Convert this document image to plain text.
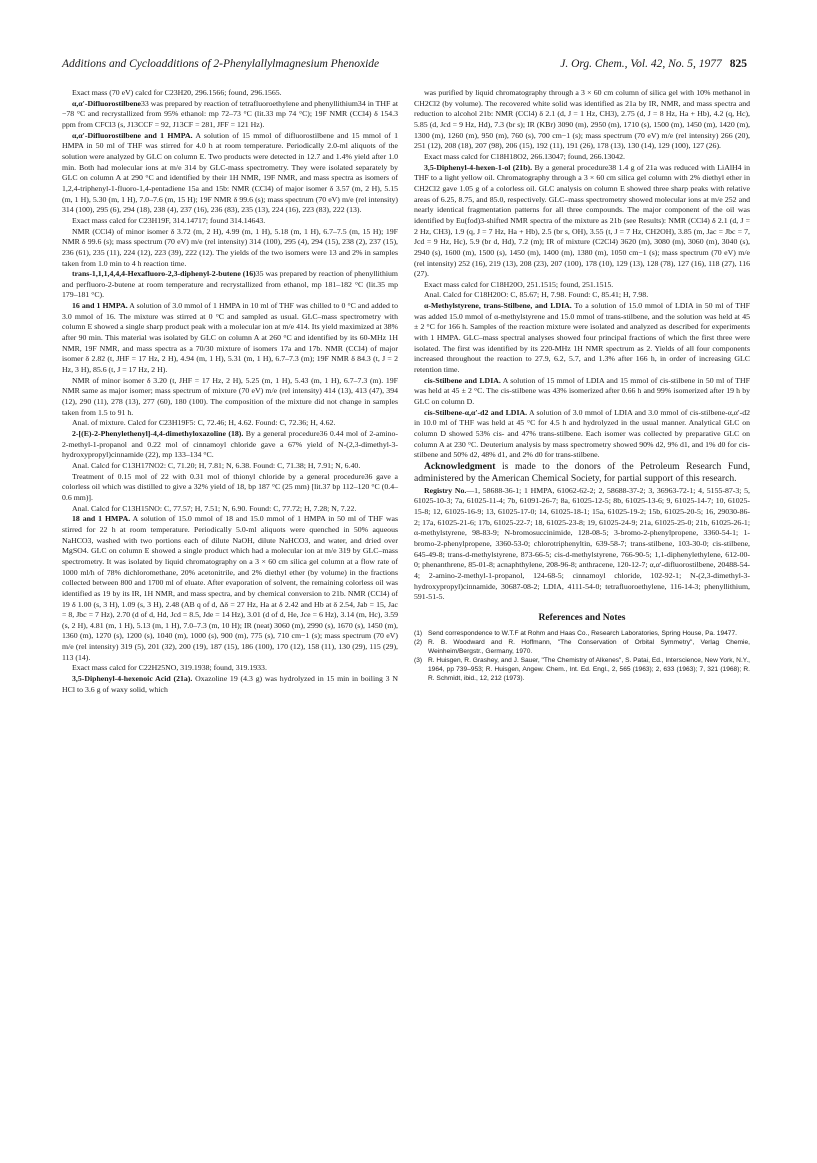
Additions and Cycloadditions of 2-Phenylallylmagnesium Phenoxide	J. Org. Chem., Vol. 42, No. 5, 1977 825

Exact mass (70 eV) calcd for C23H20, 296.1566; found, 296.1565.

α,α′-Difluorostilbene33 was prepared by reaction of tetrafluoroethylene and phenyllithium34 in THF at −78 °C and recrystallized from 95% ethanol: mp 72–73 °C (lit.33 mp 74 °C); 19F NMR (CCl4) δ 154.3 ppm from CFCl3 (s, J13CCF = 92, J13CF = 281, JFF = 121 Hz).

α,α′-Difluorostilbene and 1 HMPA. A solution of 15 mmol of difluorostilbene and 15 mmol of 1 HMPA in 50 ml of THF was stirred for 4.0 h at room temperature. Periodically 2.0-ml aliquots of the solution were analyzed by GLC on column E. Two products were detected in 12.7 and 1.4% yield after 1.0 min. Both had molecular ions at m/e 314 by GLC-mass spectrometry. They were isolated separately by GLC on column A at 290 °C and identified by their 1H NMR, 19F NMR, and mass spectra as isomers of 1,2,4-triphenyl-1-fluoro-1,4-pentadiene 15a and 15b: NMR (CCl4) of major isomer δ 3.57 (m, 2 H), 5.15 (m, 1 H), 5.30 (m, 1 H), 7.0–7.6 (m, 15 H); 19F NMR δ 99.6 (s); mass spectrum (70 eV) m/e (rel intensity) 314 (100), 295 (6), 294 (18), 238 (4), 237 (16), 236 (83), 235 (13), 224 (16), 223 (83), 222 (13).

Exact mass calcd for C23H19F, 314.14717; found 314.14643.

NMR (CCl4) of minor isomer δ 3.72 (m, 2 H), 4.99 (m, 1 H), 5.18 (m, 1 H), 6.7–7.5 (m, 15 H); 19F NMR δ 99.6 (s); mass spectrum (70 eV) m/e (rel intensity) 314 (100), 295 (4), 294 (15), 238 (2), 237 (15), 236 (61), 235 (11), 224 (12), 223 (39), 222 (12). The yields of the two isomers were 13 and 2% in samples taken from 1.0 min to 4 h reaction time.

trans-1,1,1,4,4,4-Hexafluoro-2,3-diphenyl-2-butene (16)35 was prepared by reaction of phenyllithium and perfluoro-2-butene at room temperature and recrystallized from ethanol, mp 181–182 °C (lit.35 mp 179–181 °C).

16 and 1 HMPA. A solution of 3.0 mmol of 1 HMPA in 10 ml of THF was chilled to 0 °C and added to 3.0 mmol of 16. The mixture was stirred at 0 °C and sampled as usual. GLC–mass spectrometry with column E showed a single sharp product peak with a molecular ion at m/e 414. Its yield maximized at 38% after 90 min. This material was isolated by GLC on column A at 260 °C and identified by its 60-MHz 1H NMR, 19F NMR, and mass spectra as a 70/30 mixture of isomers 17a and 17b. NMR (CCl4) of major isomer δ 2.82 (t, JHF = 17 Hz, 2 H), 4.94 (m, 1 H), 5.31 (m, 1 H), 6.7–7.3 (m); 19F NMR δ 84.3 (t, J = 2 Hz, 3 H), 85.6 (t, J = 17 Hz, 2 H).

NMR of minor isomer δ 3.20 (t, JHF = 17 Hz, 2 H), 5.25 (m, 1 H), 5.43 (m, 1 H), 6.7–7.3 (m). 19F NMR same as major isomer; mass spectrum of mixture (70 eV) m/e (rel intensity) 414 (13), 413 (47), 394 (12), 290 (11), 278 (13), 277 (60), 180 (100). The composition of the mixture did not change in samples taken from 1.5 to 91 h.

Anal. of mixture. Calcd for C23H19F5: C, 72.46; H, 4.62. Found: C, 72.36; H, 4.62.

2-[(E)-2-Phenylethenyl]-4,4-dimethyloxazoline (18). By a general procedure36 0.44 mol of 2-amino-2-methyl-1-propanol and 0.22 mol of cinnamoyl chloride gave a 67% yield of N-(2,3-dimethyl-3-hydroxypropyl)cinnamide (22), mp 133–134 °C.

Anal. Calcd for C13H17NO2: C, 71.20; H, 7.81; N, 6.38. Found: C, 71.38; H, 7.91; N, 6.40.

Treatment of 0.15 mol of 22 with 0.31 mol of thionyl chloride by a general procedure36 gave a colorless oil which was distilled to give a 32% yield of 18, bp 187 °C (25 mm) [lit.37 bp 112–120 °C (0.4–0.6 mm)].

Anal. Calcd for C13H15NO: C, 77.57; H, 7.51; N, 6.90. Found: C, 77.72; H, 7.28; N, 7.22.

18 and 1 HMPA. A solution of 15.0 mmol of 18 and 15.0 mmol of 1 HMPA in 50 ml of THF was stirred for 22 h at room temperature. Periodically 5.0-ml aliquots were quenched in 50% aqueous NaHCO3, washed with two portions each of dilute NaOH, dilute NaHCO3, and water, and dried over MgSO4. GLC on column E showed a single product which had a molecular ion at m/e 319 by GLC–mass spectrometry. It was isolated by liquid chromatography on a 3 × 60 cm silica gel column at a flow rate of 1000 ml/h of 78% dichloromethane, 20% acetonitrile, and 2% diethyl ether (by volume) in the fractions collected between 800 and 1700 ml of eluate. After evaporation of solvent, the remaining colorless oil was identified as 19 by its IR, 1H NMR, and mass spectra, and by chemical conversion to 21b. NMR (CCl4) of 19 δ 1.00 (s, 3 H), 1.09 (s, 3 H), 2.48 (AB q of d, Δδ = 27 Hz, Ha at δ 2.42 and Hb at δ 2.54, Jab = 15, Jac = 8, Jbc = 7 Hz), 2.70 (d of d, Hd, Jcd = 8.5, Jde = 14 Hz), 3.01 (d of d, He, Jce = 6 Hz), 3.14 (m, Hc), 3.59 (s, 2 H), 4.81 (m, 1 H), 5.13 (m, 1 H), 7.0–7.3 (m, 10 H); IR (neat) 3060 (m), 2990 (s), 1670 (s), 1450 (m), 1360 (m), 1270 (s), 1200 (s), 1040 (m), 1000 (s), 900 (m), 775 (s), 710 cm−1 (s); mass spectrum (70 eV) m/e (rel intensity) 319 (5), 201 (32), 200 (19), 187 (15), 186 (100), 170 (12), 158 (11), 130 (29), 115 (29), 113 (14).

Exact mass calcd for C22H25NO, 319.1938; found, 319.1933.

3,5-Diphenyl-4-hexenoic Acid (21a). Oxazoline 19 (4.3 g) was hydrolyzed in 15 min in boiling 3 N HCl to 3.6 g of waxy solid, which

was purified by liquid chromatography through a 3 × 60 cm column of silica gel with 10% methanol in CH2Cl2 (by volume). The recovered white solid was identified as 21a by IR, NMR, and mass spectra and reduction to alcohol 21b: NMR (CCl4) δ 2.1 (d, J = 1 Hz, CH3), 2.75 (d, J = 8 Hz, Ha + Hb), 4.2 (q, Hc), 5.85 (d, Jcd = 9 Hz, Hd), 7.3 (br s); IR (KBr) 3090 (m), 2950 (m), 1710 (s), 1500 (m), 1450 (m), 1420 (m), 1300 (m), 1260 (m), 950 (m), 760 (s), 700 cm−1 (s); mass spectrum (70 eV) m/e (rel intensity) 266 (20), 251 (12), 208 (18), 207 (98), 206 (15), 192 (11), 191 (26), 178 (13), 130 (14), 129 (100), 127 (26).

Exact mass calcd for C18H18O2, 266.13047; found, 266.13042.

3,5-Diphenyl-4-hexen-1-ol (21b). By a general procedure38 1.4 g of 21a was reduced with LiAlH4 in THF to a light yellow oil. Chromatography through a 3 × 60 cm silica gel column with 2% diethyl ether in CH2Cl2 gave 1.05 g of a colorless oil. GLC analysis on column E showed three sharp peaks with relative areas of 6.25, 8.75, and 85.0, respectively. GLC–mass spectrometry showed molecular ions at m/e 252 and nearly identical fragmentation patterns for all three compounds. The major component of the oil was identified by Eu(fod)3-shifted NMR spectra of the mixture as 21b (see Results): NMR (CCl4) δ 2.1 (d, J = 2 Hz, CH3), 1.9 (q, J = 7 Hz, Ha + Hb), 2.5 (br s, OH), 3.55 (t, J = 7 Hz, CH2OH), 3.85 (m, Jac = Jbc = 7, Jcd = 9 Hz, Hc), 5.9 (br d, Hd), 7.2 (m); IR of mixture (C2Cl4) 3620 (m), 3080 (m), 3060 (m), 3040 (s), 2940 (s), 1600 (m), 1500 (s), 1450 (m), 1400 (m), 1380 (m), 1050 cm−1 (s); mass spectrum (70 eV) m/e (rel intensity) 252 (16), 219 (13), 208 (23), 207 (100), 178 (10), 129 (13), 128 (78), 127 (16), 118 (27), 116 (27).

Exact mass calcd for C18H20O, 251.1515; found, 251.1515.

Anal. Calcd for C18H20O: C, 85.67; H, 7.98. Found: C, 85.41; H, 7.98.

α-Methylstyrene, trans-Stilbene, and LDIA. To a solution of 15.0 mmol of LDIA in 50 ml of THF was added 15.0 mmol of α-methylstyrene and 15.0 mmol of trans-stilbene, and the solution was held at 45 ± 2 °C for 166 h. Samples of the reaction mixture were isolated and analyzed as described for experiments with 1 HMPA. GLC–mass spectral analyses showed four principal fractions of which the first three were isolated. The first was identified by its 220-MHz 1H NMR spectrum as 2. Yields of all four components increased throughout the reaction to 27.9, 6.2, 5.7, and 1.3% after 166 h, in order of increasing GLC retention time.

cis-Stilbene and LDIA. A solution of 15 mmol of LDIA and 15 mmol of cis-stilbene in 50 ml of THF was held at 45 ± 2 °C. The cis-stilbene was 43% isomerized after 0.66 h and 99% isomerized after 19 h by GLC on column D.

cis-Stilbene-α,α′-d2 and LDIA. A solution of 3.0 mmol of LDIA and 3.0 mmol of cis-stilbene-α,α′-d2 in 10.0 ml of THF was held at 45 °C for 4.5 h and hydrolyzed in the usual manner. Analytical GLC on column D showed 53% cis- and 47% trans-stilbene. Each isomer was collected by preparative GLC on column A at 230 °C. Deuterium analysis by mass spectrometry showed 90% d2, 9% d1, and 1% d0 for cis-stilbene and 50% d2, 48% d1, and 2% d0 for trans-stilbene.

Acknowledgment is made to the donors of the Petroleum Research Fund, administered by the American Chemical Society, for partial support of this research.

Registry No.—1, 58688-36-1; 1 HMPA, 61062-62-2; 2, 58688-37-2; 3, 36963-72-1; 4, 5155-87-3; 5, 61025-10-3; 7a, 61025-11-4; 7b, 61091-26-7; 8a, 61025-12-5; 8b, 61025-13-6; 9, 61025-14-7; 10, 61025-15-8; 12, 61025-16-9; 13, 61025-17-0; 14, 61025-18-1; 15a, 61025-19-2; 15b, 61025-20-5; 16, 29030-86-2; 17a, 61025-21-6; 17b, 61025-22-7; 18, 61025-23-8; 19, 61025-24-9; 21a, 61025-25-0; 21b, 61025-26-1; α-methylstyrene, 98-83-9; N-bromosuccinimide, 128-08-5; 3-bromo-2-phenylpropene, 3360-54-1; 1-bromo-2-phenylpropene, 3360-53-0; chlorotriphenyltin, 639-58-7; trans-stilbene, 103-30-0; cis-stilbene, 645-49-8; trans-d-methylstyrene, 873-66-5; cis-d-methylstyrene, 766-90-5; 1,1-diphenylethylene, 612-00-0; phenanthrene, 85-01-8; acnaphthylene, 208-96-8; anthracene, 120-12-7; α,α′-difluorostilbene, 20488-54-4; 2-amino-2-methyl-1-propanol, 124-68-5; cinnamoyl chloride, 102-92-1; N-(2,3-dimethyl-3-hydroxypropyl)cinnamide, 30687-08-2; LDIA, 4111-54-0; tetrafluoroethylene, 116-14-3; phenyllithium, 591-51-5.

References and Notes
(1) Send correspondence to W.T.F at Rohm and Haas Co., Research Laboratories, Spring House, Pa. 19477.
(2) R. B. Woodward and R. Hoffmann, "The Conservation of Orbital Symmetry", Verlag Chemie, Weinheim/Bergstr., Germany, 1970.
(3) R. Huisgen, R. Grashey, and J. Sauer, "The Chemistry of Alkenes", S. Patai, Ed., Interscience, New York, N.Y., 1964, pp 739–953; R. Huisgen, Angew. Chem., Int. Ed. Engl., 2, 565 (1963); 2, 633 (1963); 7, 321 (1968); R. R. Schmidt, ibid., 12, 212 (1973).
